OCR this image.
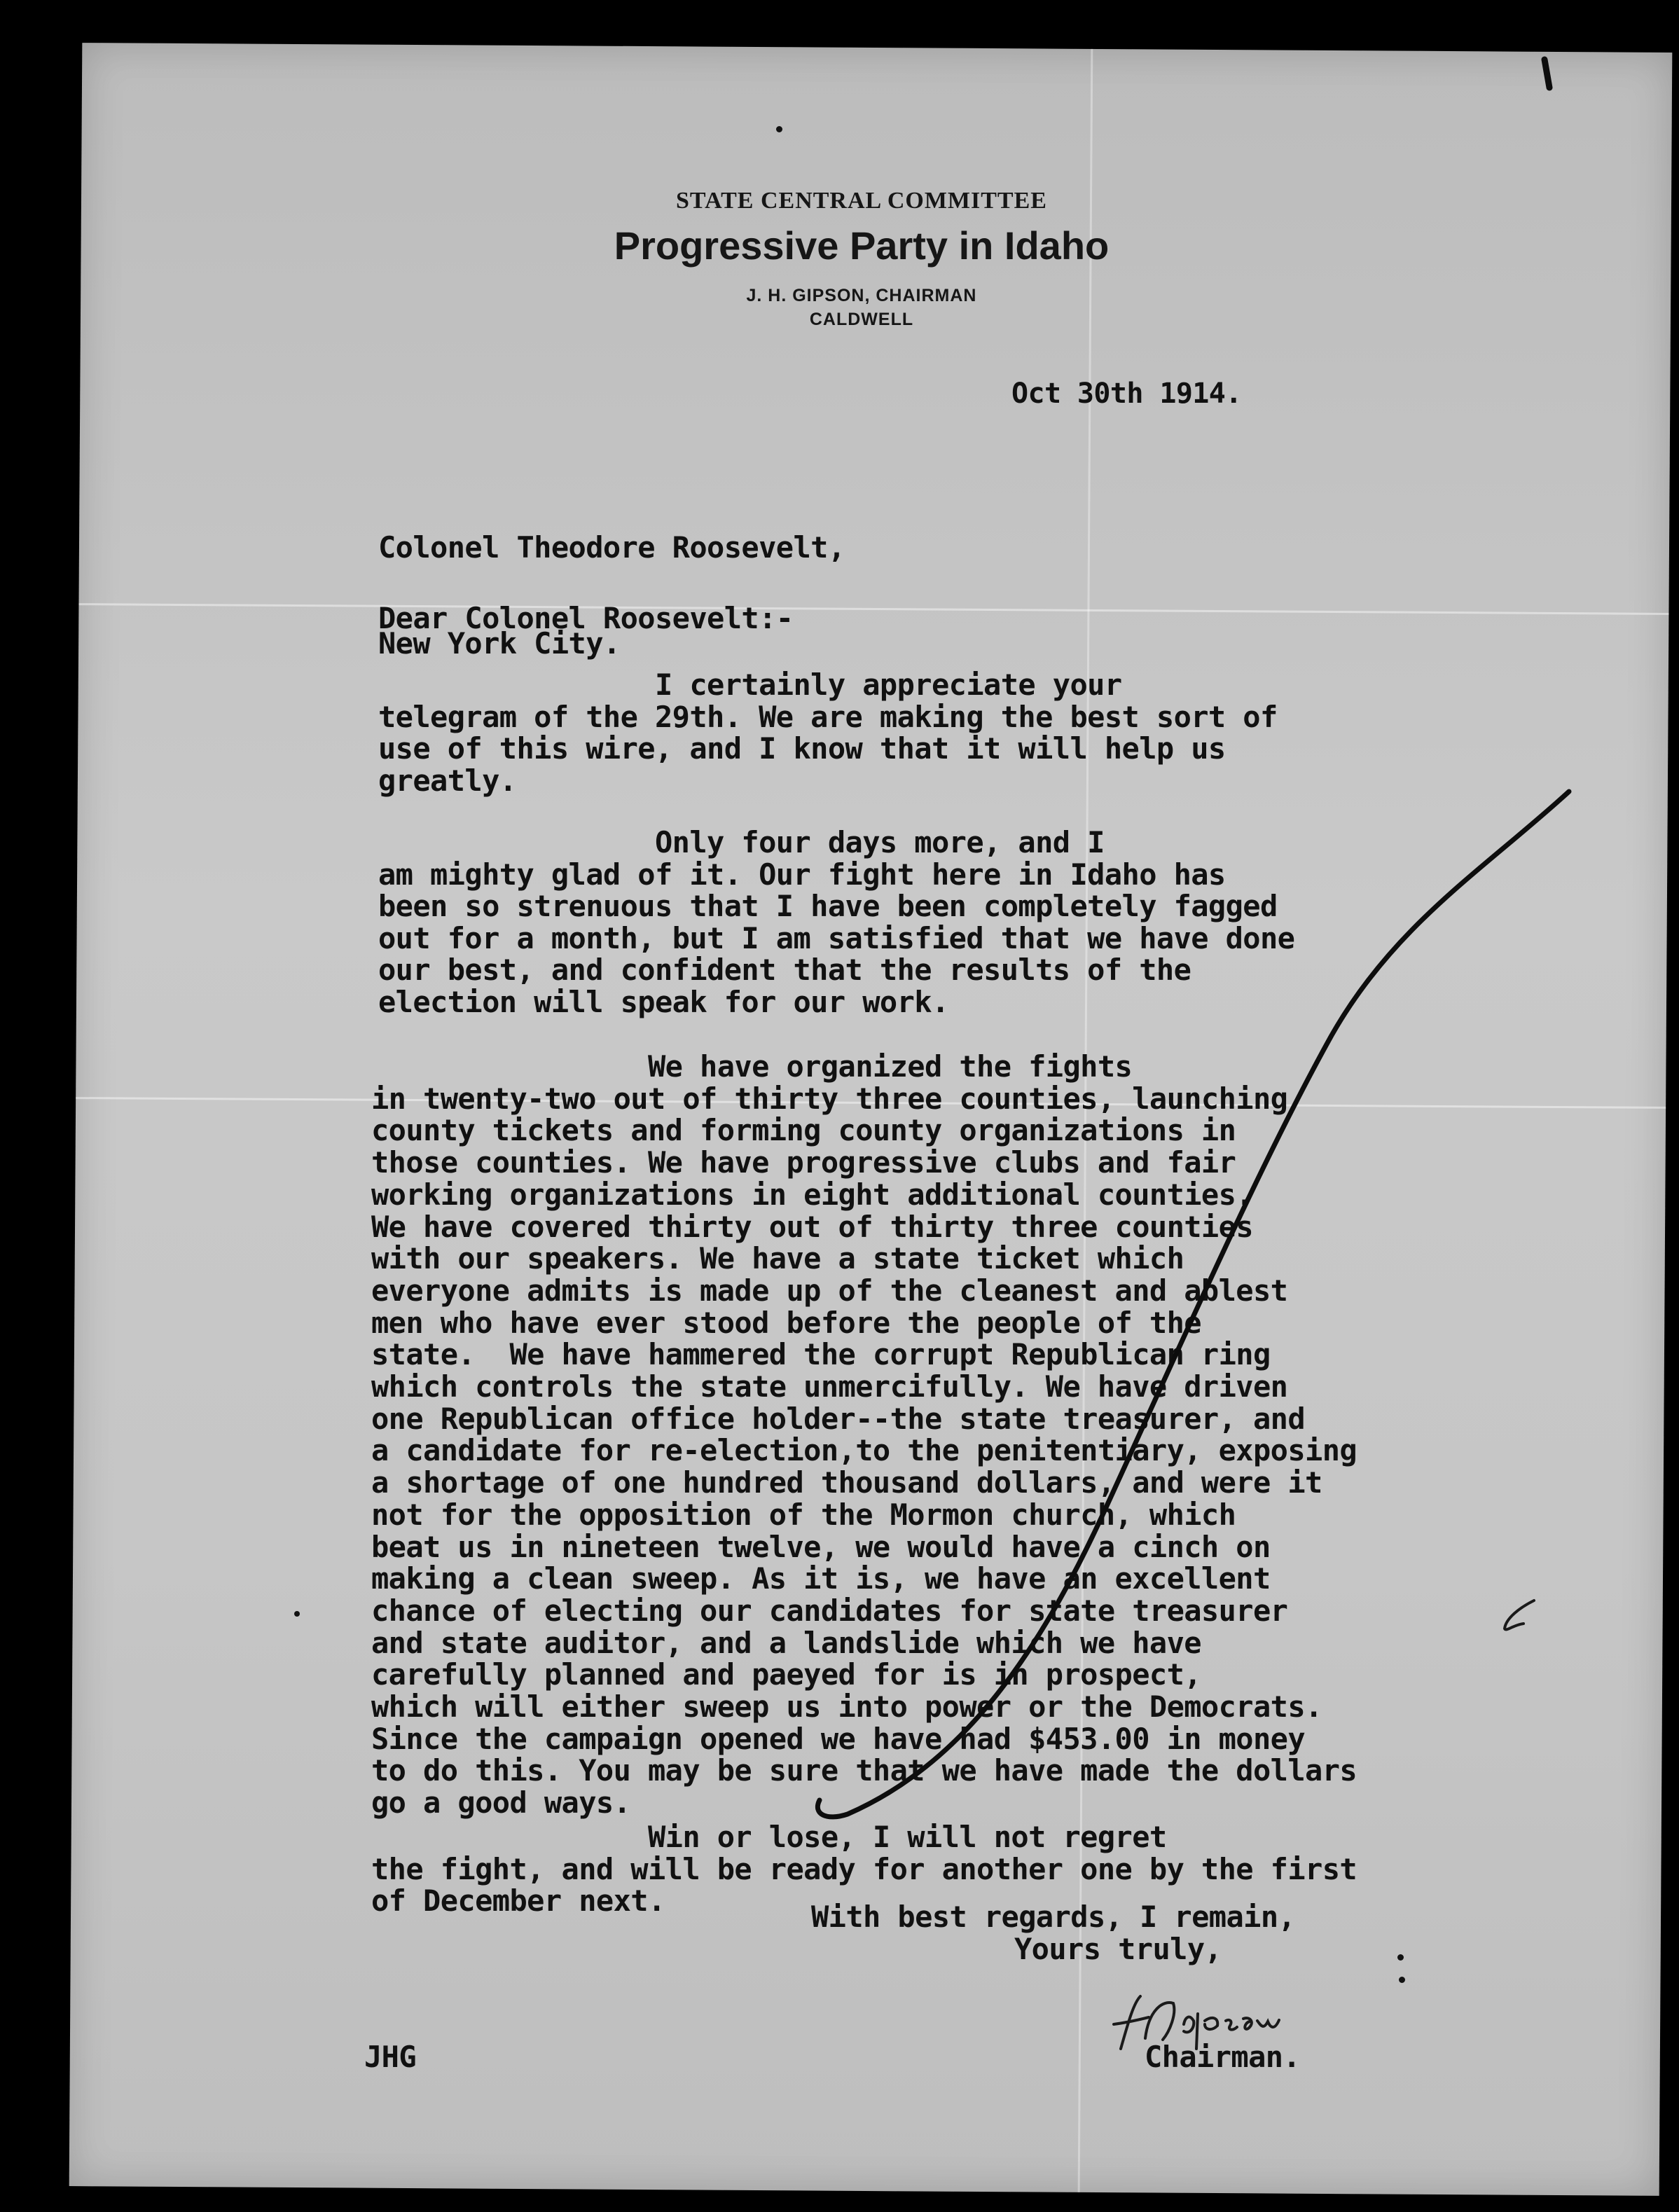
STATE CENTRAL COMMITTEE
Progressive Party in Idaho
J. H. GIPSON, CHAIRMAN
CALDWELL
Oct 30th 1914.

Colonel Theodore Roosevelt,

New York City.

Dear Colonel Roosevelt:-
I certainly appreciate your
telegram of the 29th. We are making the best sort of
use of this wire, and I know that it will help us
greatly.
Only four days more, and I
am mighty glad of it. Our fight here in Idaho has
been so strenuous that I have been completely fagged
out for a month, but I am satisfied that we have done
our best, and confident that the results of the
election will speak for our work.
We have organized the fights
in twenty-two out of thirty three counties, launching
county tickets and forming county organizations in
those counties. We have progressive clubs and fair
working organizations in eight additional counties.
We have covered thirty out of thirty three counties
with our speakers. We have a state ticket which
everyone admits is made up of the cleanest and ablest
men who have ever stood before the people of the
state.  We have hammered the corrupt Republican ring
which controls the state unmercifully. We have driven
one Republican office holder--the state treasurer, and
a candidate for re-election,to the penitentiary, exposing
a shortage of one hundred thousand dollars, and were it
not for the opposition of the Mormon church, which
beat us in nineteen twelve, we would have a cinch on
making a clean sweep. As it is, we have an excellent
chance of electing our candidates for state treasurer
and state auditor, and a landslide which we have
carefully planned and paeyed for is in prospect,
which will either sweep us into power or the Democrats.
Since the campaign opened we have had $453.00 in money
to do this. You may be sure that we have made the dollars
go a good ways.
Win or lose, I will not regret
the fight, and will be ready for another one by the first
of December next.	With best regards, I remain,
Yours truly,
Chairman.
JHG
